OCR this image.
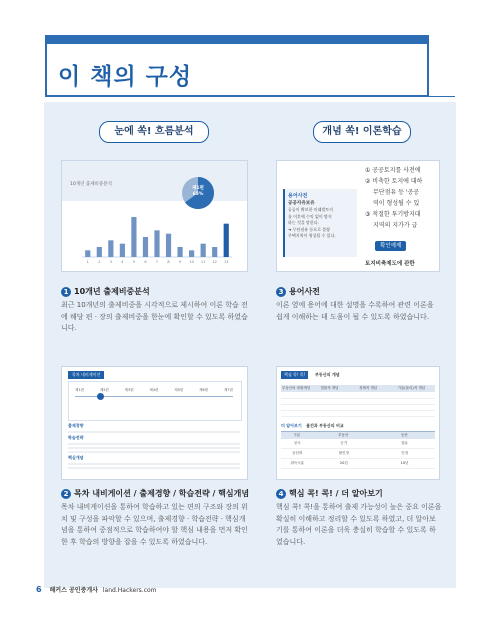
이 책의 구성
눈에 쏙! 흐름분석	개념 쏙! 이론학습
10개년 출제비중분석
제1편
65%
1	2	3	4	5	6	7	8	9 10 11 12 13
용어사전
공공자유보유
공공이 확보한 미래발토지
를 이후에 수익 없이 방지
하는 것을 말한다.
➜ 무단점유 등으로 불량
주택지역이 형성될 수 있다.
① 공공토지를 사전에
② 비축한 토지에 대하
무단점유 등 '공공
역이 형성될 수 있
③ 적절한 투기방지대
지역의 지가가 급
확인예제
토지비축제도에 관한
1 10개년 출제비중분석
최근 10개년의 출제비중을 시각적으로 제시하여 이론 학습 전에 해당 편 · 장의 출제비중을 한눈에 확인할 수 있도록 하였습니다.
3 용어사전
이론 옆에 용어에 대한 설명을 수록하여 관련 이론을 쉽게 이해하는 데 도움이 될 수 있도록 하였습니다.
목차 내비게이션
제1편	제2편	제3편	제4편	제5편	제6편	제7편
출제경향
학습전략
핵심개념
핵심 콕! 콕!	부동산의 개념
부동산의 복합개념	법률적 개념	경제적 개념	기술(물리)적 개념
더 알아보기 물건과 부동산의 비교
구분	부동산	동산
공시	등기	점유
공신력	불인정	인정
취득시효	20년	10년
2 목차 내비게이션 / 출제경향 / 학습전략 / 핵심개념
목차 내비게이션을 통하여 학습하고 있는 편의 구조와 장의 위치 및 구성을 파악할 수 있으며, 출제경향 · 학습전략 · 핵심개념을 통하여 중점적으로 학습하여야 할 핵심 내용을 먼저 확인한 후 학습의 방향을 잡을 수 있도록 하였습니다.
4 핵심 콕! 콕! / 더 알아보기
핵심 콕! 콕!을 통하여 출제 가능성이 높은 중요 이론을 확실히 이해하고 정리할 수 있도록 하였고, 더 알아보기를 통하여 이론을 더욱 충실히 학습할 수 있도록 하였습니다.
6 해커스 공인중개사 land.Hackers.com
